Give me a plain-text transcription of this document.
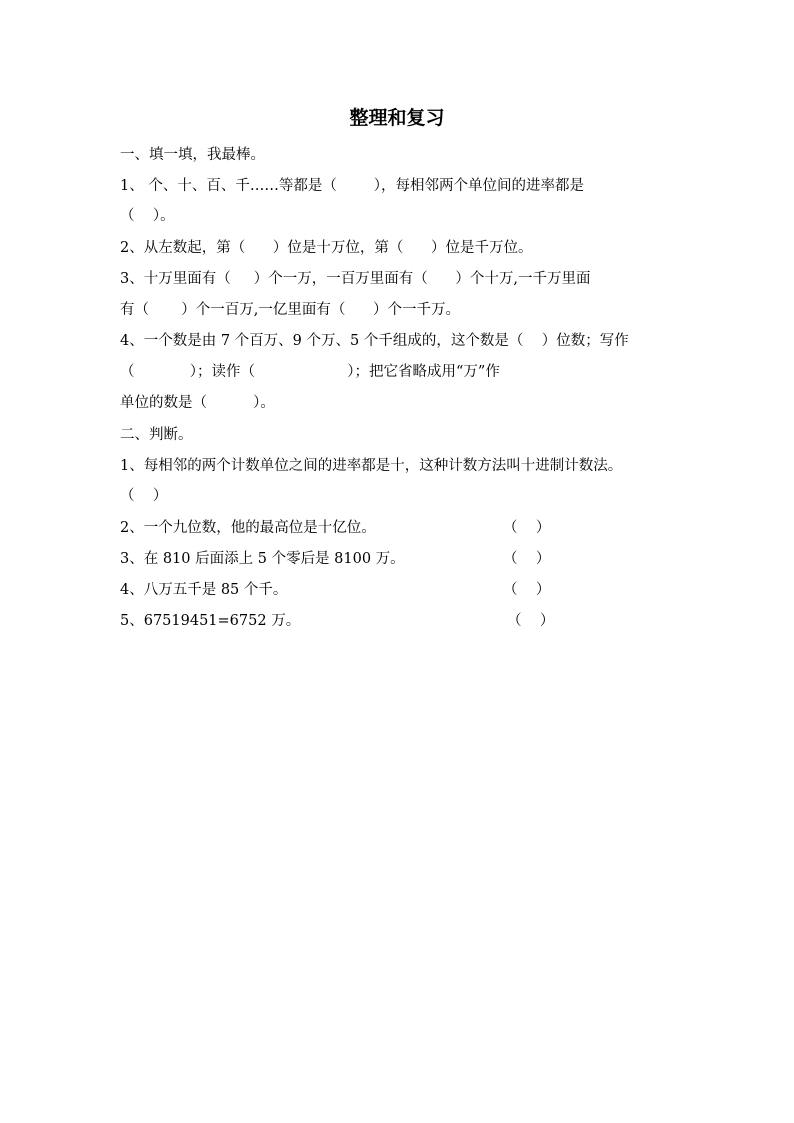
整理和复习
一、填一填，我最棒。
1、 个、十、百、千……等都是（        ），每相邻两个单位间的进率都是
（    ）。
2、从左数起，第（      ）位是十万位，第（      ）位是千万位。
3、十万里面有（     ）个一万，一百万里面有（      ）个十万,一千万里面
有（       ）个一百万,一亿里面有（      ）个一千万。
4、一个数是由 7 个百万、9 个万、5 个千组成的，这个数是（    ）位数；写作
（            ）；读作（                    ）；把它省略成用“万”作
单位的数是（          ）。
二、判断。
1、每相邻的两个计数单位之间的进率都是十，这种计数方法叫十进制计数法。
（    ）
2、一个九位数，他的最高位是十亿位。	（    ）
3、在 810 后面添上 5 个零后是 8100 万。	（    ）
4、八万五千是 85 个千。	（    ）
5、67519451=6752 万。	（    ）
